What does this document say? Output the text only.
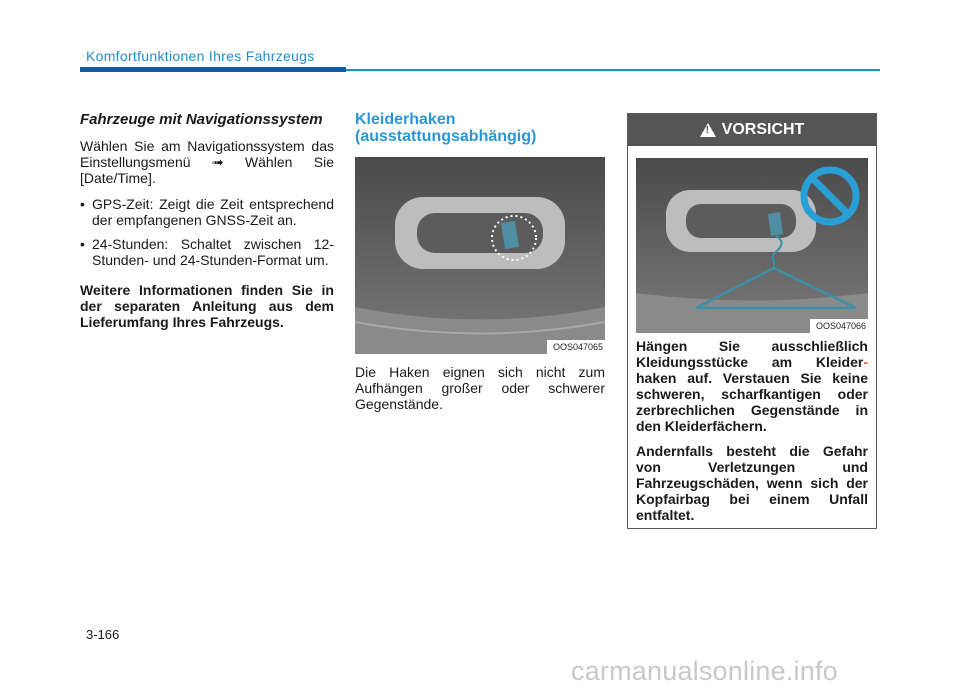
Komfortfunktionen Ihres Fahrzeugs
Fahrzeuge mit Navigationssystem

Wählen Sie am Navigationssystem das Einstellungsmenü ➟ Wählen Sie [Date/Time].

• GPS-Zeit: Zeigt die Zeit entsprechend der empfangenen GNSS-Zeit an.
• 24-Stunden: Schaltet zwischen 12-Stunden- und 24-Stunden-Format um.

Weitere Informationen finden Sie in der separaten Anleitung aus dem Lieferumfang Ihres Fahrzeugs.

Kleiderhaken
(ausstattungsabhängig)
OOS047065

Die Haken eignen sich nicht zum Aufhängen großer oder schwerer Gegenstände.

!
VORSICHT
OOS047066

Hängen Sie ausschließlich Kleidungsstücke am Kleider- haken auf. Verstauen Sie keine schweren, scharfkantigen oder zerbrechlichen Gegenstände in den Kleiderfächern.

Andernfalls besteht die Gefahr von Verletzungen und Fahrzeugschäden, wenn sich der Kopfairbag bei einem Unfall entfaltet.

3-166
carmanualsonline.info
